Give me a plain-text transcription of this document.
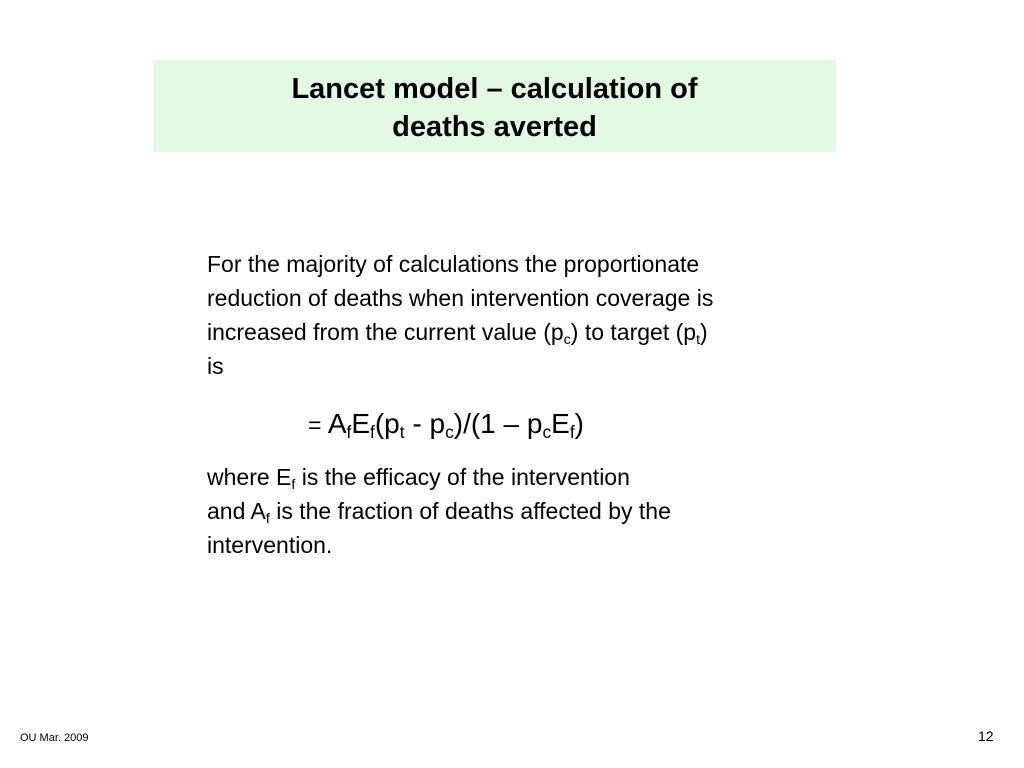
Lancet model – calculation of
deaths averted
For the majority of calculations the proportionate
reduction of deaths when intervention coverage is
increased from the current value $(p_c)$ to target $(p_t)$
is
= $A_fE_f(p_t - p_c)/(1 - p_cE_f)$
where $E_f$ is the efficacy of the intervention
and $A_f$ is the fraction of deaths affected by the
intervention.
OU Mar. 2009	12
